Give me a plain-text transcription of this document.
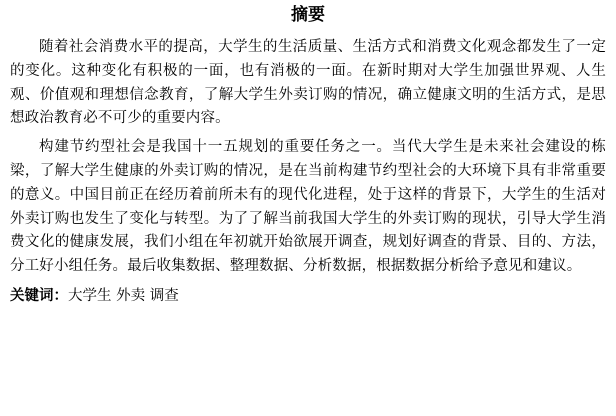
摘要

随着社会消费水平的提高，大学生的生活质量、生活方式和消费文化观念都发生了一定的变化。这种变化有积极的一面，也有消极的一面。在新时期对大学生加强世界观、人生观、价值观和理想信念教育，了解大学生外卖订购的情况，确立健康文明的生活方式，是思想政治教育必不可少的重要内容。

构建节约型社会是我国十一五规划的重要任务之一。当代大学生是未来社会建设的栋梁，了解大学生健康的外卖订购的情况，是在当前构建节约型社会的大环境下具有非常重要的意义。中国目前正在经历着前所未有的现代化进程，处于这样的背景下，大学生的生活对外卖订购也发生了变化与转型。为了了解当前我国大学生的外卖订购的现状，引导大学生消费文化的健康发展，我们小组在年初就开始欲展开调查，规划好调查的背景、目的、方法，分工好小组任务。最后收集数据、整理数据、分析数据，根据数据分析给予意见和建议。

关键词：大学生 外卖 调查
